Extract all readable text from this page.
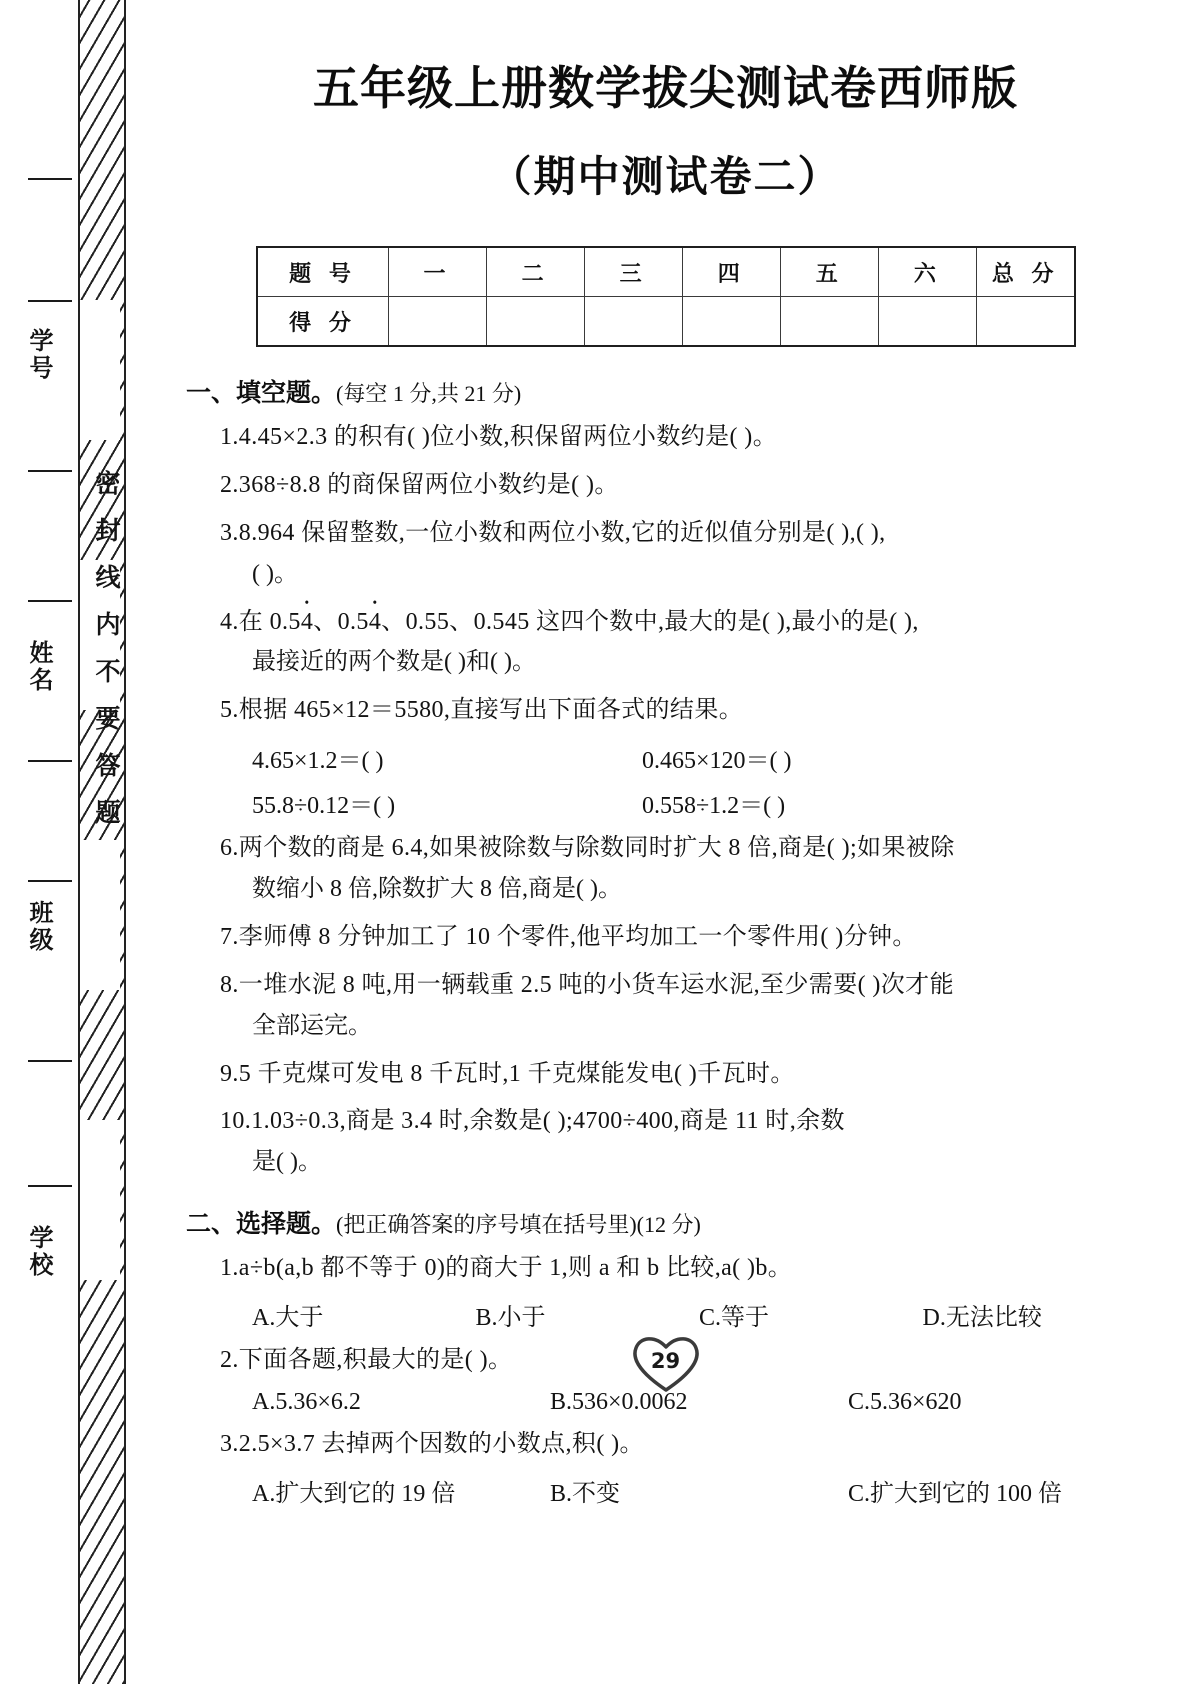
密封线内不要答题
学号
姓名
班级
学校
五年级上册数学拔尖测试卷西师版
（期中测试卷二）
题 号	一	二	三	四	五	六	总 分
得 分							
一、填空题。(每空 1 分,共 21 分)
1.4.45×2.3 的积有( )位小数,积保留两位小数约是( )。
2.368÷8.8 的商保留两位小数约是( )。
3.8.964 保留整数,一位小数和两位小数,它的近似值分别是( ),( ),
( )。
4.在 0.54 •、0.54 •、0.55、0.545 这四个数中,最大的是( ),最小的是( ),
最接近的两个数是( )和( )。
5.根据 465×12＝5580,直接写出下面各式的结果。
4.65×1.2＝( )	0.465×120＝( )
55.8÷0.12＝( )	0.558÷1.2＝( )
6.两个数的商是 6.4,如果被除数与除数同时扩大 8 倍,商是( );如果被除
数缩小 8 倍,除数扩大 8 倍,商是( )。
7.李师傅 8 分钟加工了 10 个零件,他平均加工一个零件用( )分钟。
8.一堆水泥 8 吨,用一辆载重 2.5 吨的小货车运水泥,至少需要( )次才能
全部运完。
9.5 千克煤可发电 8 千瓦时,1 千克煤能发电( )千瓦时。
10.1.03÷0.3,商是 3.4 时,余数是( );4700÷400,商是 11 时,余数
是( )。
二、选择题。(把正确答案的序号填在括号里)(12 分)
1.a÷b(a,b 都不等于 0)的商大于 1,则 a 和 b 比较,a( )b。
A.大于	B.小于	C.等于	D.无法比较
2.下面各题,积最大的是( )。
A.5.36×6.2	B.536×0.0062	C.5.36×620
3.2.5×3.7 去掉两个因数的小数点,积( )。
A.扩大到它的 19 倍	B.不变	C.扩大到它的 100 倍
29
